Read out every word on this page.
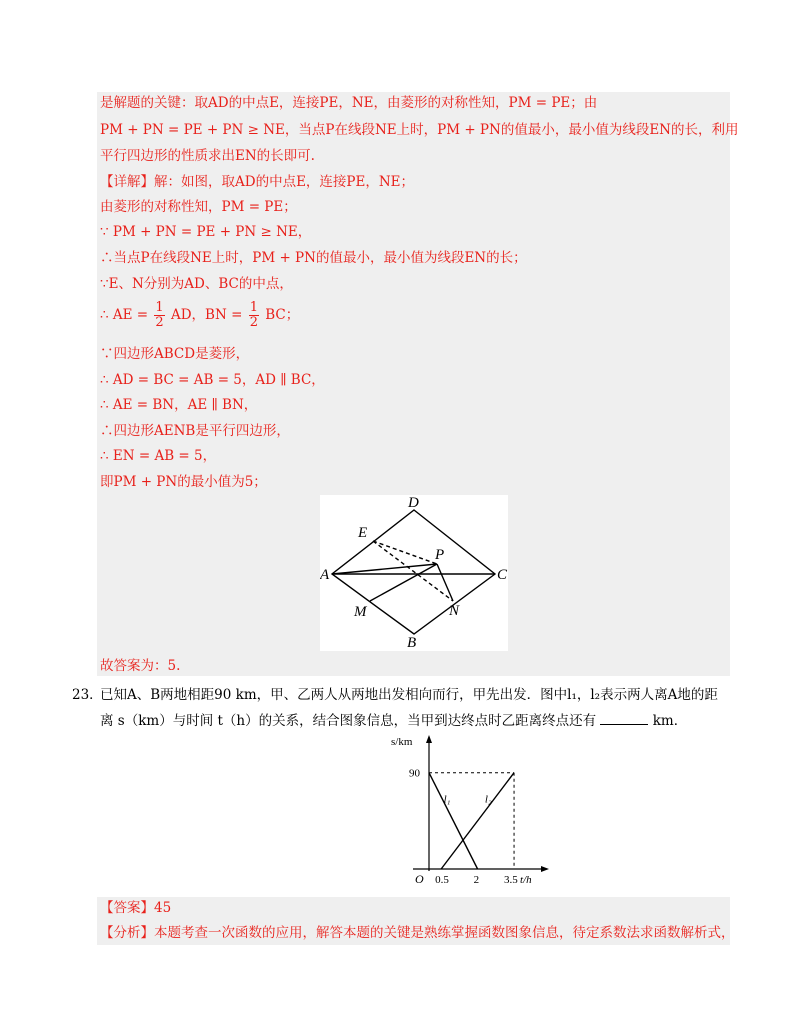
是解题的关键：取AD的中点E，连接PE，NE，由菱形的对称性知，PM = PE；由
PM + PN = PE + PN ≥ NE，当点P在线段NE上时，PM + PN的值最小，最小值为线段EN的长，利用
平行四边形的性质求出EN的长即可.
【详解】解：如图，取AD的中点E，连接PE，NE；
由菱形的对称性知，PM = PE；
∵ PM + PN = PE + PN ≥ NE，
∴当点P在线段NE上时，PM + PN的值最小，最小值为线段EN的长；
∵E、N分别为AD、BC的中点，
∴ AE = $\frac{1}{2}$ AD，BN = $\frac{1}{2}$ BC；
∵四边形ABCD是菱形，
∴ AD = BC = AB = 5，AD ∥ BC，
∴ AE = BN，AE ∥ BN，
∴四边形AENB是平行四边形，
∴ EN = AB = 5，
即PM + PN的最小值为5；
D
E
P
A	C
M	N
B
故答案为：5.
23．
已知A、B两地相距90 km，甲、乙两人从两地出发相向而行，甲先出发．图中l₁，l₂表示两人离A地的距
离 s（km）与时间 t（h）的关系，结合图象信息，当甲到达终点时乙距离终点还有	km．
s/km
O
l₁	l₂
0.5 2 3.5
90
t/h
【答案】45
【分析】本题考查一次函数的应用，解答本题的关键是熟练掌握函数图象信息，待定系数法求函数解析式，
